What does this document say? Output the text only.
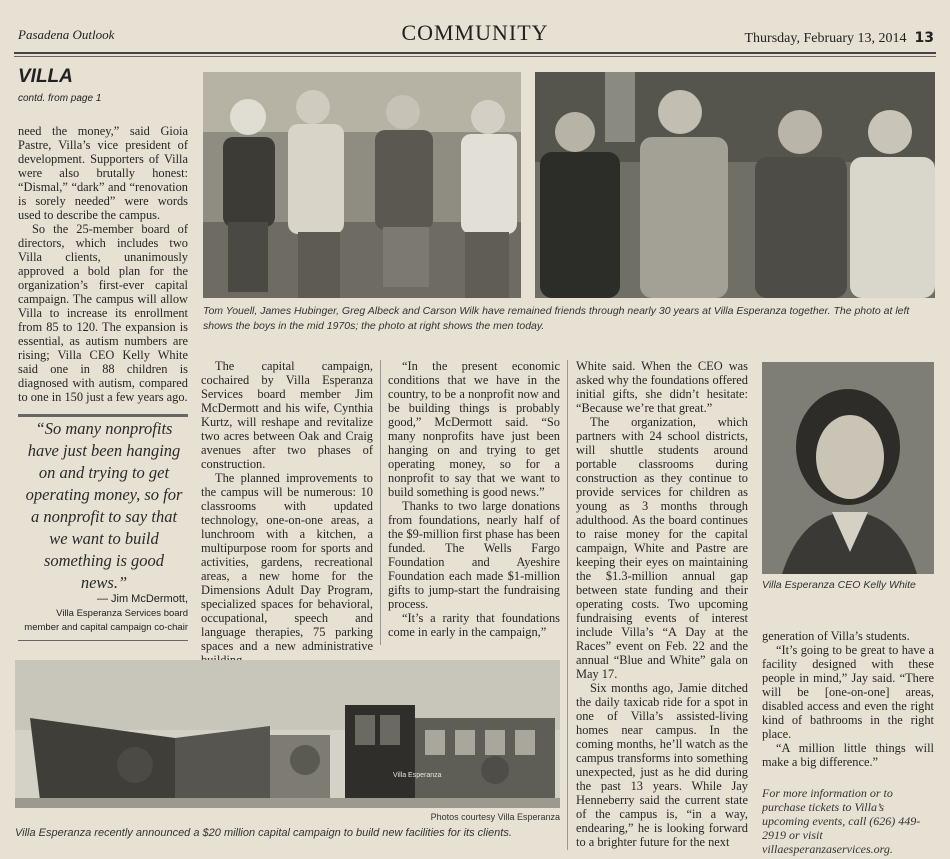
Pasadena Outlook	COMMUNITY	Thursday, February 13, 2014 13
VILLA
contd. from page 1

need the money,” said Gioia Pastre, Villa’s vice president of development. Supporters of Villa were also brutally honest: “Dismal,” “dark” and “renovation is sorely needed” were words used to describe the campus.

So the 25-member board of directors, which includes two Villa clients, unanimously approved a bold plan for the organization’s first-ever capital campaign. The campus will allow Villa to increase its enrollment from 85 to 120. The expansion is essential, as autism numbers are rising; Villa CEO Kelly White said one in 88 children is diagnosed with autism, compared to one in 150 just a few years ago.

“So many nonprofits have just been hanging on and trying to get operating money, so for a nonprofit to say that we want to build something is good news.”
— Jim McDermott,
Villa Esperanza Services board member and capital campaign co-chair
Tom Youell, James Hubinger, Greg Albeck and Carson Wilk have remained friends through nearly 30 years at Villa Esperanza together. The photo at left shows the boys in the mid 1970s; the photo at right shows the men today.

The capital campaign, cochaired by Villa Esperanza Services board member Jim McDermott and his wife, Cynthia Kurtz, will reshape and revitalize two acres between Oak and Craig avenues after two phases of construction.

The planned improvements to the campus will be numerous: 10 classrooms with updated technology, one-on-one areas, a lunchroom with a kitchen, a multipurpose room for sports and activities, gardens, recreational areas, a new home for the Dimensions Adult Day Program, specialized spaces for behavioral, occupational, speech and language therapies, 75 parking spaces and a new administrative

“In the present economic conditions that we have in the country, to be a nonprofit now and be building things is probably good,” McDermott said. “So many nonprofits have just been hanging on and trying to get operating money, so for a nonprofit to say that we want to build something is good news.”

Thanks to two large donations from foundations, nearly half of the $9-million first phase has been funded. The Wells Fargo Foundation and Ayeshire Foundation each made $1-million gifts to jump-start the fundraising process.

“It’s a rarity that foundations come in early in the campaign,”

White said. When the CEO was asked why the foundations offered initial gifts, she didn’t hesitate: “Because we’re that great.”

The organization, which partners with 24 school districts, will shuttle students around portable classrooms during construction as they continue to provide services for children as young as 3 months through adulthood. As the board continues to raise money for the capital campaign, White and Pastre are keeping their eyes on maintaining the $1.3-million annual gap between state funding and their operating costs. Two upcoming fundraising events of interest include Villa’s “A Day at the Races” event on Feb. 22 and the annual “Blue and White” gala on May 17.

Six months ago, Jamie ditched the daily taxicab ride for a spot in one of Villa’s assisted-living homes near campus. In the coming months, he’ll watch as the campus transforms into something unexpected, just as he did during the past 13 years. While Jay Henneberry said the current state of the campus is, “in a way, endearing,” he is looking forward to a brighter future for the next

Villa Esperanza CEO Kelly White

generation of Villa’s students.

“It’s going to be great to have a facility designed with these people in mind,” Jay said. “There will be [one-on-one] areas, disabled access and even the right kind of bathrooms in the right place.

“A million little things will make a big difference.”

For more information or to purchase tickets to Villa’s upcoming events, call (626) 449-2919 or visit villaesperanzaservices.org.
Villa Esperanza
Photos courtesy Villa Esperanza
Villa Esperanza recently announced a $20 million capital campaign to build new facilities for its clients.
